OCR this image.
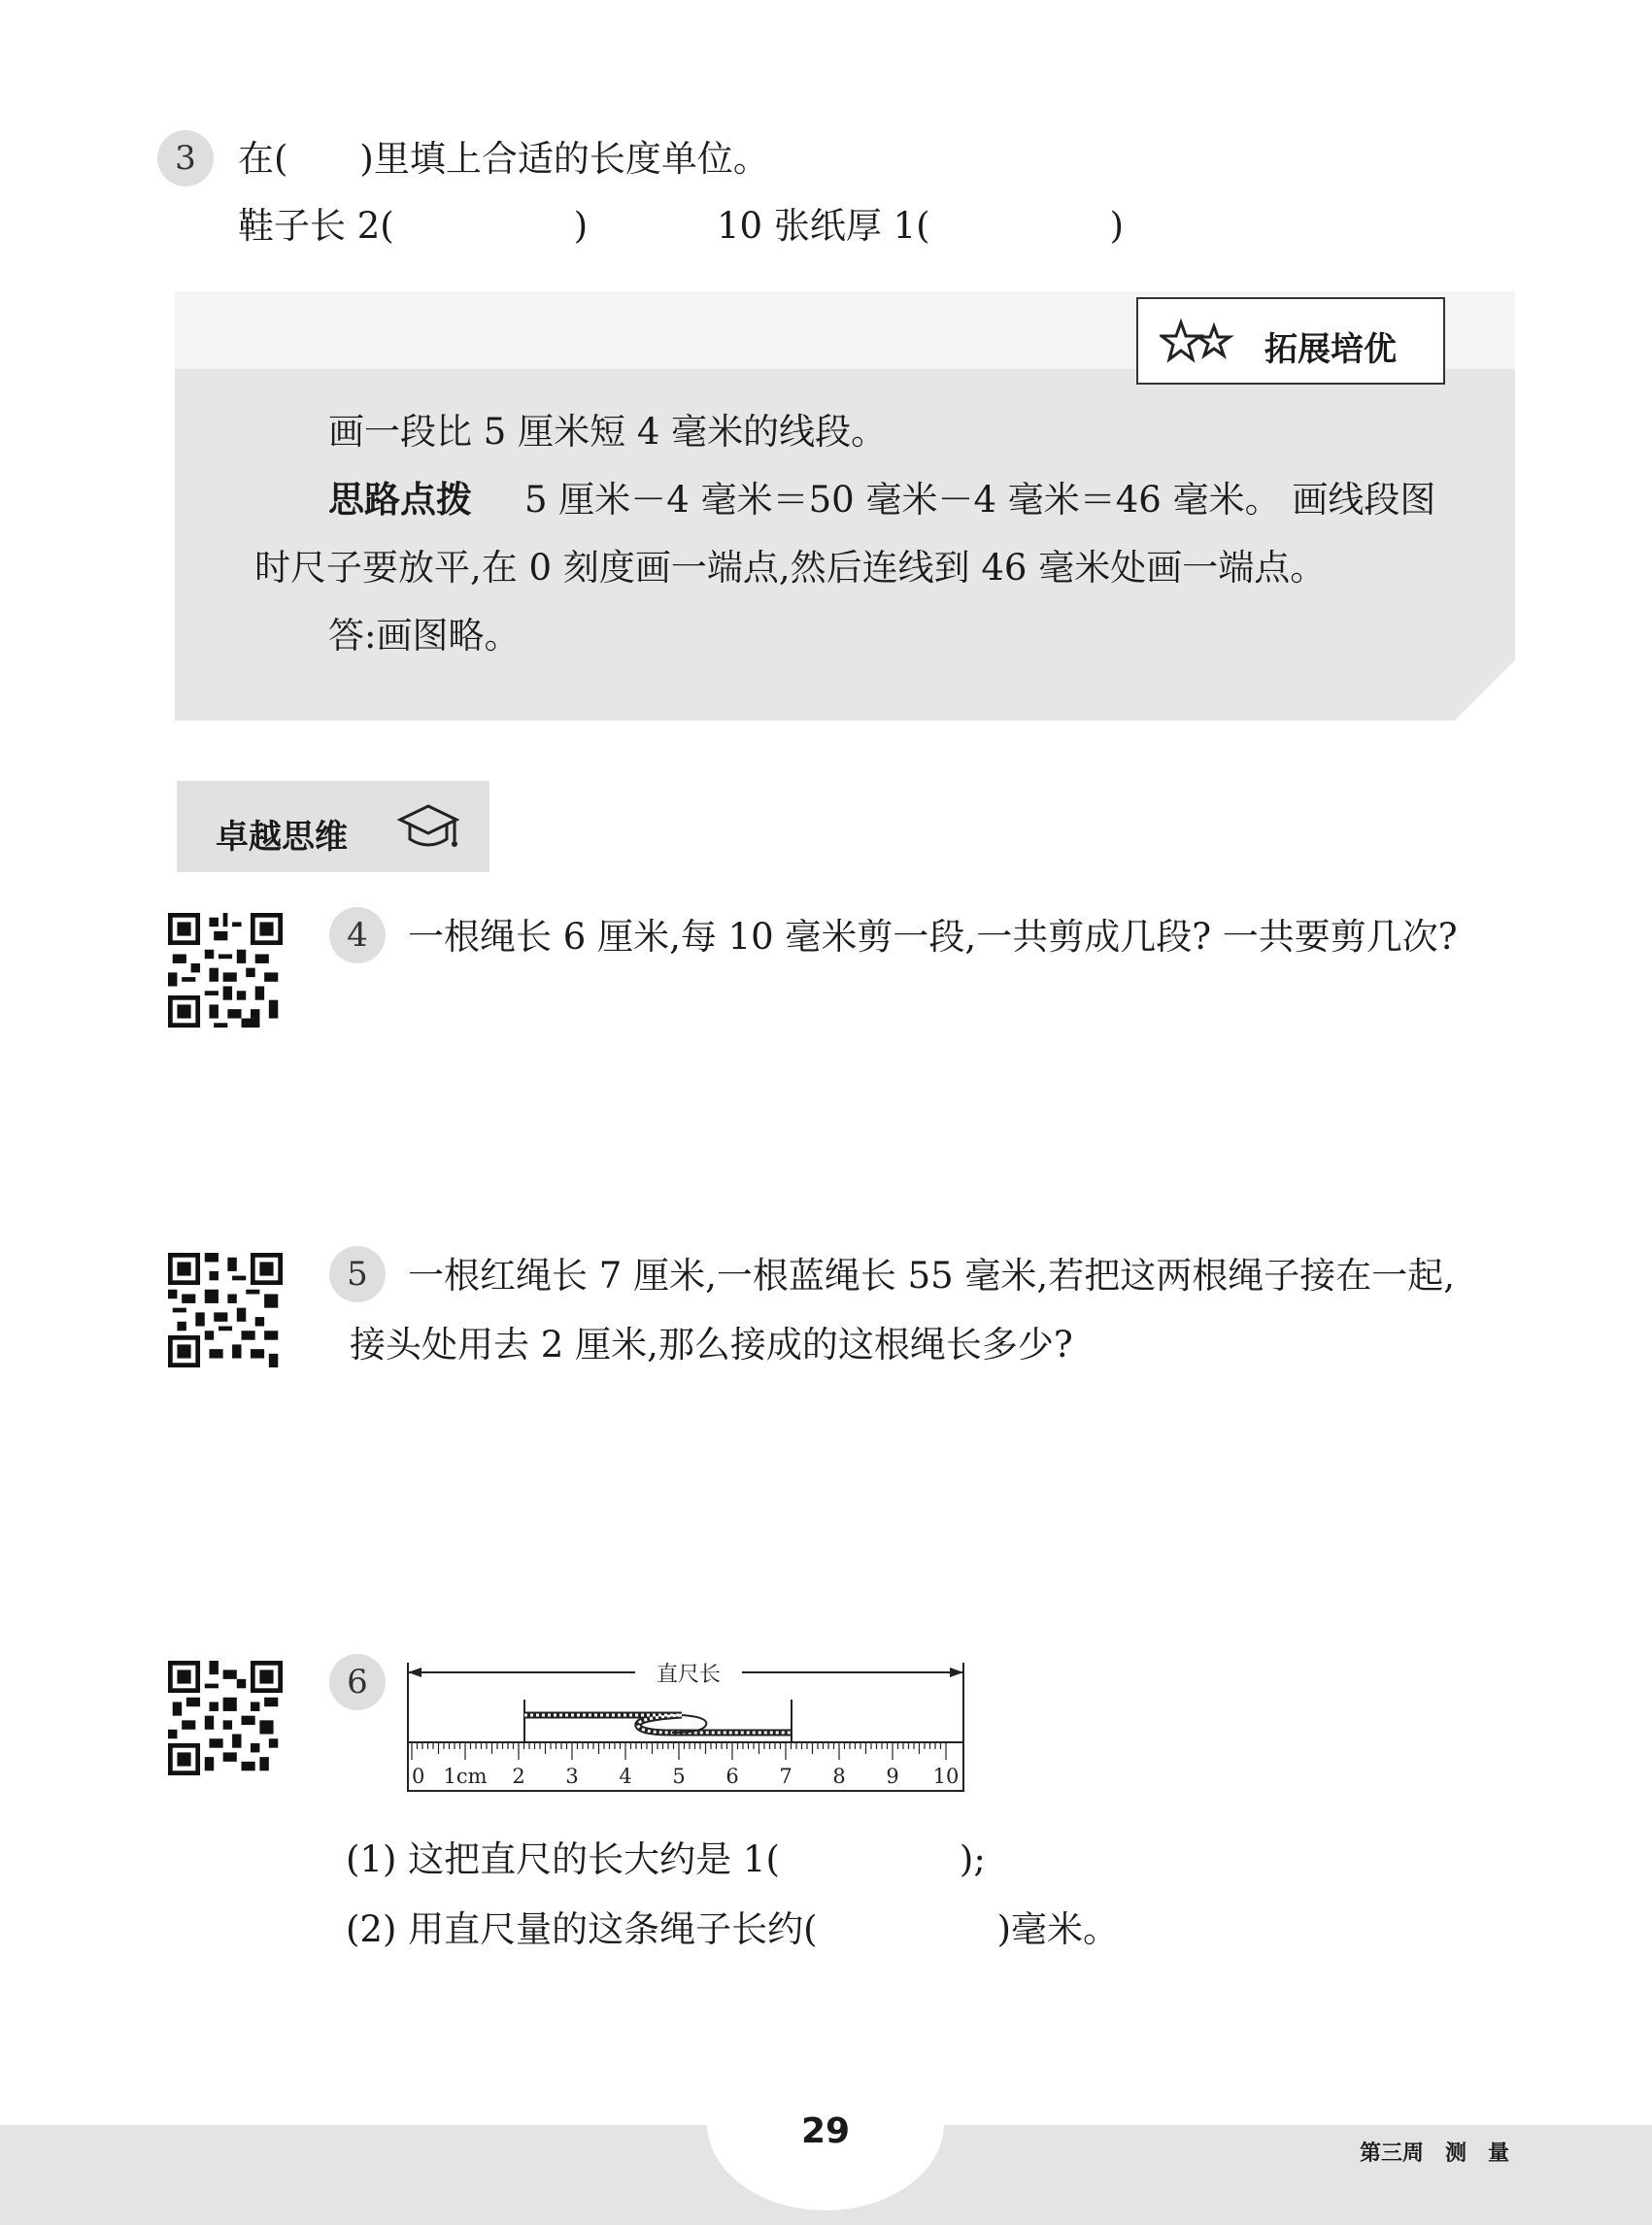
3	在(　　)里填上合适的长度单位。
鞋子长 2(　　　　　)	10 张纸厚 1(　　　　　)
拓展培优
画一段比 5 厘米短 4 毫米的线段。
思路点拨 5 厘米－4 毫米＝50 毫米－4 毫米＝46 毫米。 画线段图
时尺子要放平,在 0 刻度画一端点,然后连线到 46 毫米处画一端点。
答:画图略。
卓越思维
4	一根绳长 6 厘米,每 10 毫米剪一段,一共剪成几段? 一共要剪几次?
5	一根红绳长 7 厘米,一根蓝绳长 55 毫米,若把这两根绳子接在一起,
接头处用去 2 厘米,那么接成的这根绳长多少?
6	直尺长
0 1cm 2 3 4 5 6 7 8 9 10
(1) 这把直尺的长大约是 1(　　　　　);
(2) 用直尺量的这条绳子长约(　　　　　)毫米。
29
第三周　测　量
